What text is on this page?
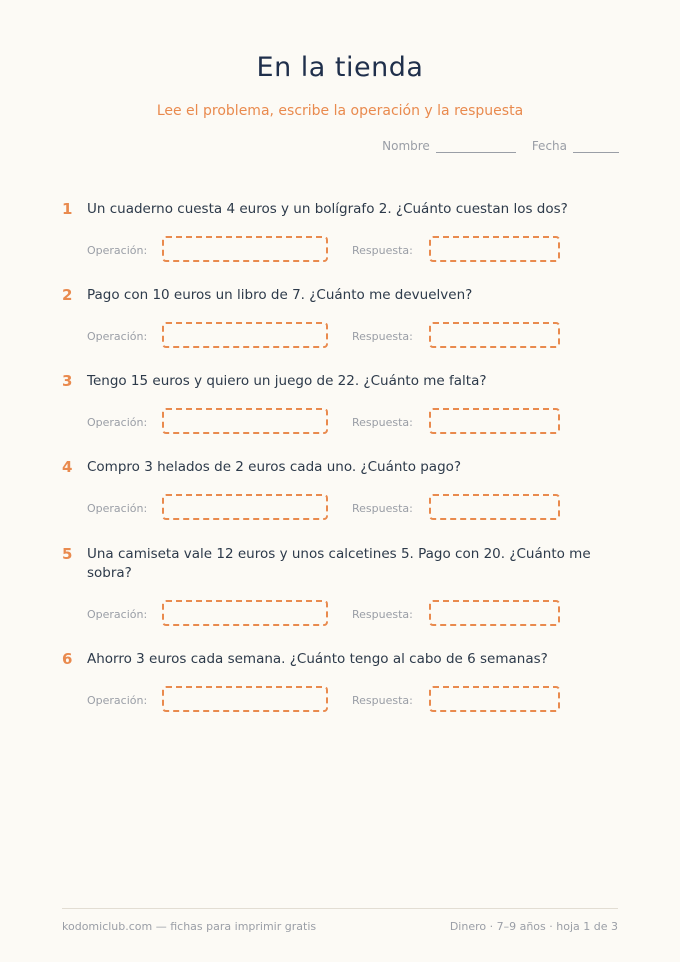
En la tienda
Lee el problema, escribe la operación y la respuesta
Nombre	Fecha
1	Un cuaderno cuesta 4 euros y un bolígrafo 2. ¿Cuánto cuestan los dos?
Operación:	Respuesta:
2	Pago con 10 euros un libro de 7. ¿Cuánto me devuelven?
Operación:	Respuesta:
3	Tengo 15 euros y quiero un juego de 22. ¿Cuánto me falta?
Operación:	Respuesta:
4	Compro 3 helados de 2 euros cada uno. ¿Cuánto pago?
Operación:	Respuesta:
5	Una camiseta vale 12 euros y unos calcetines 5. Pago con 20. ¿Cuánto me sobra?
Operación:	Respuesta:
6	Ahorro 3 euros cada semana. ¿Cuánto tengo al cabo de 6 semanas?
Operación:	Respuesta:
kodomiclub.com — fichas para imprimir gratis	Dinero · 7–9 años · hoja 1 de 3
